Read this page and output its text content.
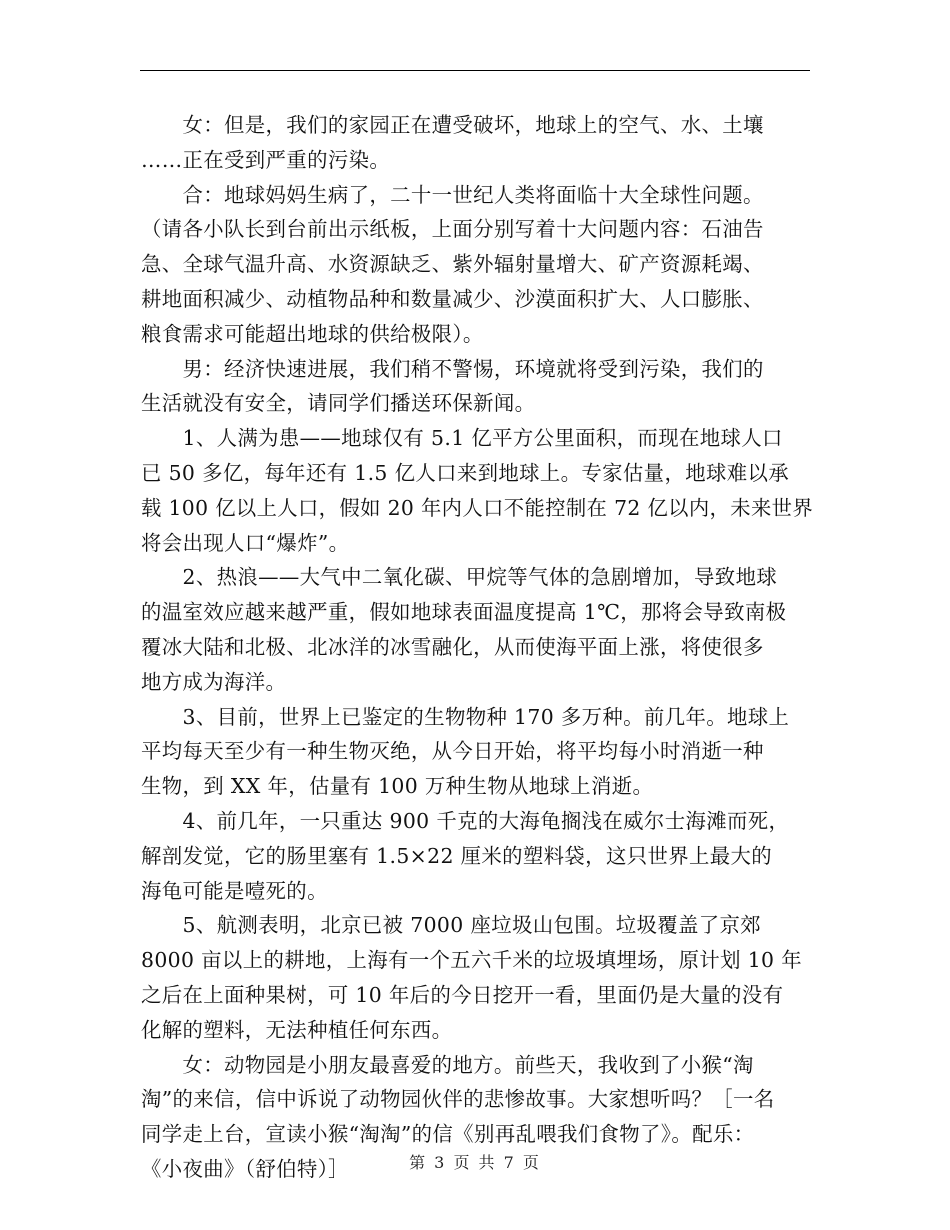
　　女：但是，我们的家园正在遭受破坏，地球上的空气、水、土壤
……正在受到严重的污染。
　　合：地球妈妈生病了，二十一世纪人类将面临十大全球性问题。
（请各小队长到台前出示纸板，上面分别写着十大问题内容：石油告
急、全球气温升高、水资源缺乏、紫外辐射量增大、矿产资源耗竭、
耕地面积减少、动植物品种和数量减少、沙漠面积扩大、人口膨胀、
粮食需求可能超出地球的供给极限）。
　　男：经济快速进展，我们稍不警惕，环境就将受到污染，我们的
生活就没有安全，请同学们播送环保新闻。
　　1、人满为患——地球仅有 5.1 亿平方公里面积，而现在地球人口
已 50 多亿，每年还有 1.5 亿人口来到地球上。专家估量，地球难以承
载 100 亿以上人口，假如 20 年内人口不能控制在 72 亿以内，未来世界
将会出现人口“爆炸”。
　　2、热浪——大气中二氧化碳、甲烷等气体的急剧增加，导致地球
的温室效应越来越严重，假如地球表面温度提高 1℃，那将会导致南极
覆冰大陆和北极、北冰洋的冰雪融化，从而使海平面上涨，将使很多
地方成为海洋。
　　3、目前，世界上已鉴定的生物物种 170 多万种。前几年。地球上
平均每天至少有一种生物灭绝，从今日开始，将平均每小时消逝一种
生物，到 XX 年，估量有 100 万种生物从地球上消逝。
　　4、前几年，一只重达 900 千克的大海龟搁浅在威尔士海滩而死，
解剖发觉，它的肠里塞有 1.5×22 厘米的塑料袋，这只世界上最大的
海龟可能是噎死的。
　　5、航测表明，北京已被 7000 座垃圾山包围。垃圾覆盖了京郊
8000 亩以上的耕地，上海有一个五六千米的垃圾填埋场，原计划 10 年
之后在上面种果树，可 10 年后的今日挖开一看，里面仍是大量的没有
化解的塑料，无法种植任何东西。
　　女：动物园是小朋友最喜爱的地方。前些天，我收到了小猴“淘
淘”的来信，信中诉说了动物园伙伴的悲惨故事。大家想听吗？［一名
同学走上台，宣读小猴“淘淘”的信《别再乱喂我们食物了》。配乐：
《小夜曲》（舒伯特）］	第 3 页 共 7 页
